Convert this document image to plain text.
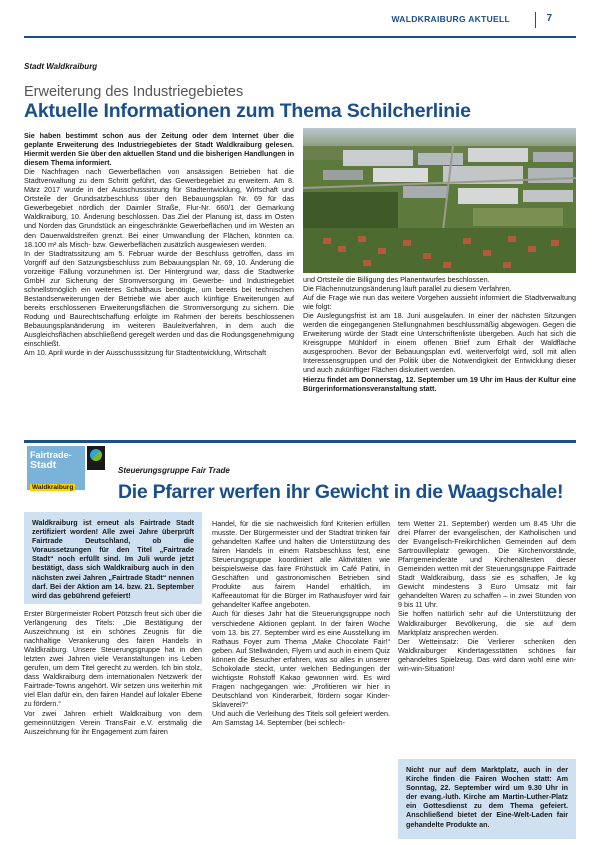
WALDKRAIBURG AKTUELL	7
Stadt Waldkraiburg
Erweiterung des Industriegebietes
Aktuelle Informationen zum Thema Schilcherlinie

Sie haben bestimmt schon aus der Zeitung oder dem Internet über die geplante Erweiterung des Industriegebietes der Stadt Waldkraiburg gelesen. Hiermit werden Sie über den aktuellen Stand und die bisherigen Handlungen in diesem Thema informiert.

Die Nachfragen nach Gewerbeflächen von ansässigen Betrieben hat die Stadtverwaltung zu dem Schritt geführt, das Gewerbegebiet zu erweitern. Am 8. März 2017 wurde in der Ausschusssitzung für Stadtentwicklung, Wirtschaft und Ortsteile der Grundsatzbeschluss über den Bebauungsplan Nr. 69 für das Gewerbegebiet nördlich der Daimler Straße, Flur-Nr. 660/1 der Gemarkung Waldkraiburg, 10. Änderung beschlossen. Das Ziel der Planung ist, dass im Osten und Norden das Grundstück an eingeschränkte Gewerbeflächen und im Westen an den Dauerwaldstreifen grenzt. Bei einer Umwandlung der Flächen, könnten ca. 18.100 m² als Misch- bzw. Gewerbeflächen zusätzlich ausgewiesen werden.

In der Stadtratssitzung am 5. Februar wurde der Beschluss getroffen, dass im Vorgriff auf den Satzungsbeschluss zum Bebauungsplan Nr. 69, 10. Änderung die vorzeitige Fällung vorzunehmen ist. Der Hintergrund war, dass die Stadtwerke GmbH zur Sicherung der Stromversorgung im Gewerbe- und Industriegebiet schnellstmöglich ein weiteres Schalthaus benötigte, um bereits bei technischen Bestandserweiterungen der Betriebe wie aber auch künftige Erweiterungen auf bereits erschlossenen Erweiterungsflächen die Stromversorgung zu sichern. Die Rodung und Baurechtschaffung erfolgte im Rahmen der bereits beschlossenen Bebauungsplanänderung im weiteren Bauleitverfahren, in dem auch die Ausgleichsflächen abschließend geregelt werden und das die Rodungsgenehmigung einschließt.

Am 10. April wurde in der Ausschusssitzung für Stadtentwicklung, Wirtschaft

und Ortsteile die Billigung des Planentwurfes beschlossen.

Die Flächennutzungsänderung läuft parallel zu diesem Verfahren.

Auf die Frage wie nun das weitere Vorgehen aussieht informiert die Stadtverwaltung wie folgt:

Die Auslegungsfrist ist am 18. Juni ausgelaufen. In einer der nächsten Sitzungen werden die eingegangenen Stellungnahmen beschlussmäßig abgewogen. Gegen die Erweiterung würde der Stadt eine Unterschriftenliste übergeben. Auch hat sich die Kreisgruppe Mühldorf in einem offenen Brief zum Erhalt der Waldfläche ausgesprochen. Bevor der Bebauungsplan evtl. weiterverfolgt wird, soll mit allen Interessensgruppen und der Politik über die Notwendigkeit der Entwicklung dieser und auch zukünftiger Flächen diskutiert werden.

Hierzu findet am Donnerstag, 12. September um 19 Uhr im Haus der Kultur eine Bürgerinformationsveranstaltung statt.

Fairtrade-
Stadt
Waldkraiburg
Steuerungsgruppe Fair Trade
Die Pfarrer werfen ihr Gewicht in die Waagschale!
Waldkraiburg ist erneut als Fairtrade Stadt zertifiziert worden! Alle zwei Jahre überprüft Fairtrade Deutschland, ob die Voraussetzungen für den Titel „Fairtrade Stadt“ noch erfüllt sind. Im Juli wurde jetzt bestätigt, dass sich Waldkraiburg auch in den nächsten zwei Jahren „Fairtrade Stadt“ nennen darf. Bei der Aktion am 14. bzw. 21. September wird das gebührend gefeiert!

Erster Bürgermeister Robert Pötzsch freut sich über die Verlängerung des Titels: „Die Bestätigung der Auszeichnung ist ein schönes Zeugnis für die nachhaltige Verankerung des fairen Handels in Waldkraiburg. Unsere Steuerungsgruppe hat in den letzten zwei Jahren viele Veranstaltungen ins Leben gerufen, um dem Titel gerecht zu werden. Ich bin stolz, dass Waldkraiburg dem internationalen Netzwerk der Fairtrade-Towns angehört. Wir setzen uns weiterhin mit viel Elan dafür ein, den fairen Handel auf lokaler Ebene zu fördern.“

Vor zwei Jahren erhielt Waldkraiburg von dem gemeinnützigen Verein TransFair e.V. erstmalig die Auszeichnung für ihr Engagement zum fairen

Handel, für die sie nachweislich fünf Kriterien erfüllen musste. Der Bürgermeister und der Stadtrat trinken fair gehandelten Kaffee und halten die Unterstützung des fairen Handels in einem Ratsbeschluss fest, eine Steuerungsgruppe koordiniert alle Aktivitäten wie beispielsweise das faire Frühstück im Café Patini, in Geschäften und gastronomischen Betrieben sind Produkte aus fairem Handel erhältlich, im Kaffeeautomat für die Bürger im Rathausfoyer wird fair gehandelter Kaffee angeboten.

Auch für dieses Jahr hat die Steuerungsgruppe noch verschiedene Aktionen geplant. In der fairen Woche vom 13. bis 27. September wird es eine Ausstellung im Rathaus Foyer zum Thema „Make Chocolate Fair!“ geben. Auf Stellwänden, Flyern und auch in einem Quiz können die Besucher erfahren, was so alles in unserer Schokolade steckt, unter welchen Bedingungen der wichtigste Rohstoff Kakao gewonnen wird. Es wird Fragen nachgegangen wie: „Profitieren wir hier in Deutschland von Kinderarbeit, fördern sogar Kinder-Sklaverei?“

Und auch die Verleihung des Titels soll gefeiert werden. Am Samstag 14. September (bei schlech-

tem Wetter 21. September) werden um 8.45 Uhr die drei Pfarrer der evangelischen, der Katholischen und der Evangelisch-Freikirchlichen Gemeinden auf dem Sartrouvilleplatz gewogen. Die Kirchenvorstände, Pfarrgemeinderäte und Kirchenältesten dieser Gemeinden wetten mit der Steuerungsgruppe Fairtrade Stadt Waldkraiburg, dass sie es schaffen, Je kg Gewicht mindestens 3 Euro Umsatz mit fair gehandelten Waren zu schaffen – in zwei Stunden von 9 bis 11 Uhr.

Sie hoffen natürlich sehr auf die Unterstützung der Waldkraiburger Bevölkerung, die sie auf dem Marktplatz ansprechen werden.

Der Wetteinsatz: Die Verlierer schenken den Waldkraiburger Kindertagesstätten schönes fair gehandeltes Spielzeug. Das wird dann wohl eine win-win-win-Situation!

Nicht nur auf dem Marktplatz, auch in der Kirche finden die Fairen Wochen statt: Am Sonntag, 22. September wird um 9.30 Uhr in der evang.-luth. Kirche am Martin-Luther-Platz ein Gottesdienst zu dem Thema gefeiert. Anschließend bietet der Eine-Welt-Laden fair gehandelte Produkte an.
